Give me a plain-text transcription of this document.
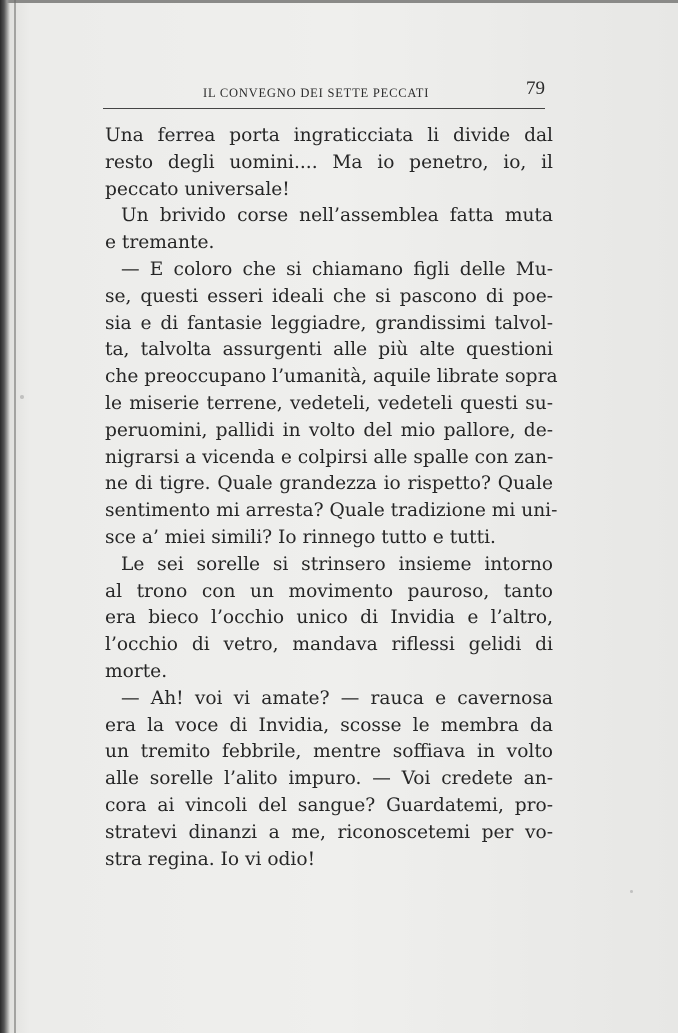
IL CONVEGNO DEI SETTE PECCATI	79
Una ferrea porta ingraticciata li divide dal
resto degli uomini.... Ma io penetro, io, il
peccato universale!
Un brivido corse nell’assemblea fatta muta
e tremante.
— E coloro che si chiamano figli delle Mu-
se, questi esseri ideali che si pascono di poe-
sia e di fantasie leggiadre, grandissimi talvol-
ta, talvolta assurgenti alle più alte questioni
che preoccupano l’umanità, aquile librate sopra
le miserie terrene, vedeteli, vedeteli questi su-
peruomini, pallidi in volto del mio pallore, de-
nigrarsi a vicenda e colpirsi alle spalle con zan-
ne di tigre. Quale grandezza io rispetto? Quale
sentimento mi arresta? Quale tradizione mi uni-
sce a’ miei simili? Io rinnego tutto e tutti.
Le sei sorelle si strinsero insieme intorno
al trono con un movimento pauroso, tanto
era bieco l’occhio unico di Invidia e l’altro,
l’occhio di vetro, mandava riflessi gelidi di
morte.
— Ah! voi vi amate? — rauca e cavernosa
era la voce di Invidia, scosse le membra da
un tremito febbrile, mentre soffiava in volto
alle sorelle l’alito impuro. — Voi credete an-
cora ai vincoli del sangue? Guardatemi, pro-
stratevi dinanzi a me, riconoscetemi per vo-
stra regina. Io vi odio!
